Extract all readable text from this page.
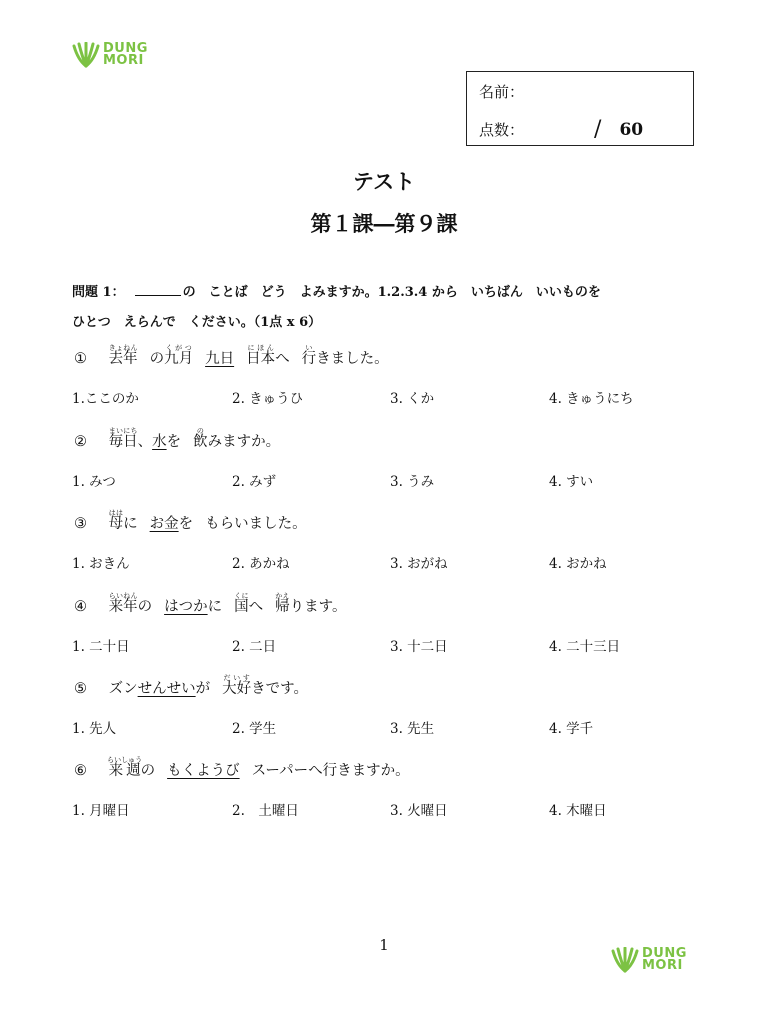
DUNG
MORI
名前：
点数：	/ 60
テスト
第１課―第９課
問題 1：	の　ことば　どう　よみますか。1.2.3.4 から　いちばん　いいものを
ひとつ　えらんで　ください。（1点 x 6）
① 去年きょねんの九月くがつ九日 日本にほんへ 行いきました。
1.ここのか	2. きゅうひ	3. くか	4. きゅうにち
② 毎日まいにち、水を 飲のみますか。
1. みつ	2. みず	3. うみ	4. すい
③ 母ははに お金を もらいました。
1. おきん	2. あかね	3. おがね	4. おかね
④ 来年らいねんの はつかに 国くにへ 帰かえります。
1. 二十日	2. 二日	3. 十二日	4. 二十三日
⑤ ズンせんせいが 大好だいすきです。
1. 先人	2. 学生	3. 先生	4. 学千
⑥ 来週らいしゅうの もくようび スーパーへ行きますか。
1. 月曜日	2.　土曜日	3. 火曜日	4. 木曜日
1	DUNG
MORI
